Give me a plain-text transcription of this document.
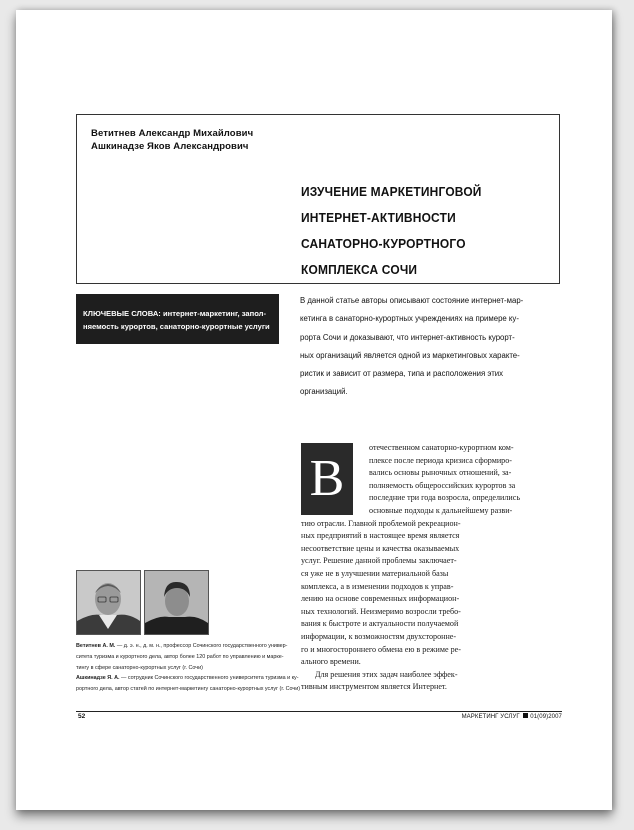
Ветитнев Александр Михайлович
Ашкинадзе Яков Александрович
ИЗУЧЕНИЕ МАРКЕТИНГОВОЙ
ИНТЕРНЕТ-АКТИВНОСТИ
САНАТОРНО-КУРОРТНОГО
КОМПЛЕКСА СОЧИ
КЛЮЧЕВЫЕ СЛОВА: интернет-маркетинг, запол-
няемость курортов, санаторно-курортные услуги
В данной статье авторы описывают состояние интернет-мар-
кетинга в санаторно-курортных учреждениях на примере ку-
рорта Сочи и доказывают, что интернет-активность курорт-
ных организаций является одной из маркетинговых характе-
ристик и зависит от размера, типа и расположения этих
организаций.
отечественном санаторно-курортном ком-
плексе после периода кризиса сформиро-
вались основы рыночных отношений, за-
полняемость общероссийских курортов за
последние три года возросла, определились
основные подходы к дальнейшему разви-
тию отрасли. Главной проблемой рекреацион-
ных предприятий в настоящее время является
несоответствие цены и качества оказываемых
услуг. Решение данной проблемы заключает-
ся уже не в улучшении материальной базы
комплекса, а в изменении подходов к управ-
лению на основе современных информацион-
ных технологий. Неизмеримо возросли требо-
вания к быстроте и актуальности получаемой
информации, к возможностям двухстороннe-
го и многостороннего обмена ею в режиме ре-
ального времени.
Для решения этих задач наиболее эффек-
тивным инструментом является Интернет.
В
Ветитнев А. М. — д. э. н., д. м. н., профессор Сочинского государственного универ-
ситета туризма и курортного дела, автор более 120 работ по управлению и марке-
тингу в сфере санаторно-курортных услуг (г. Сочи)
Ашкинадзе Я. А. — сотрудник Сочинского государственного университета туризма и ку-
рортного дела, автор статей по интернет-маркетингу санаторно-курортных услуг (г. Сочи)
52	МАРКЕТИНГ УСЛУГ 01(09)2007
